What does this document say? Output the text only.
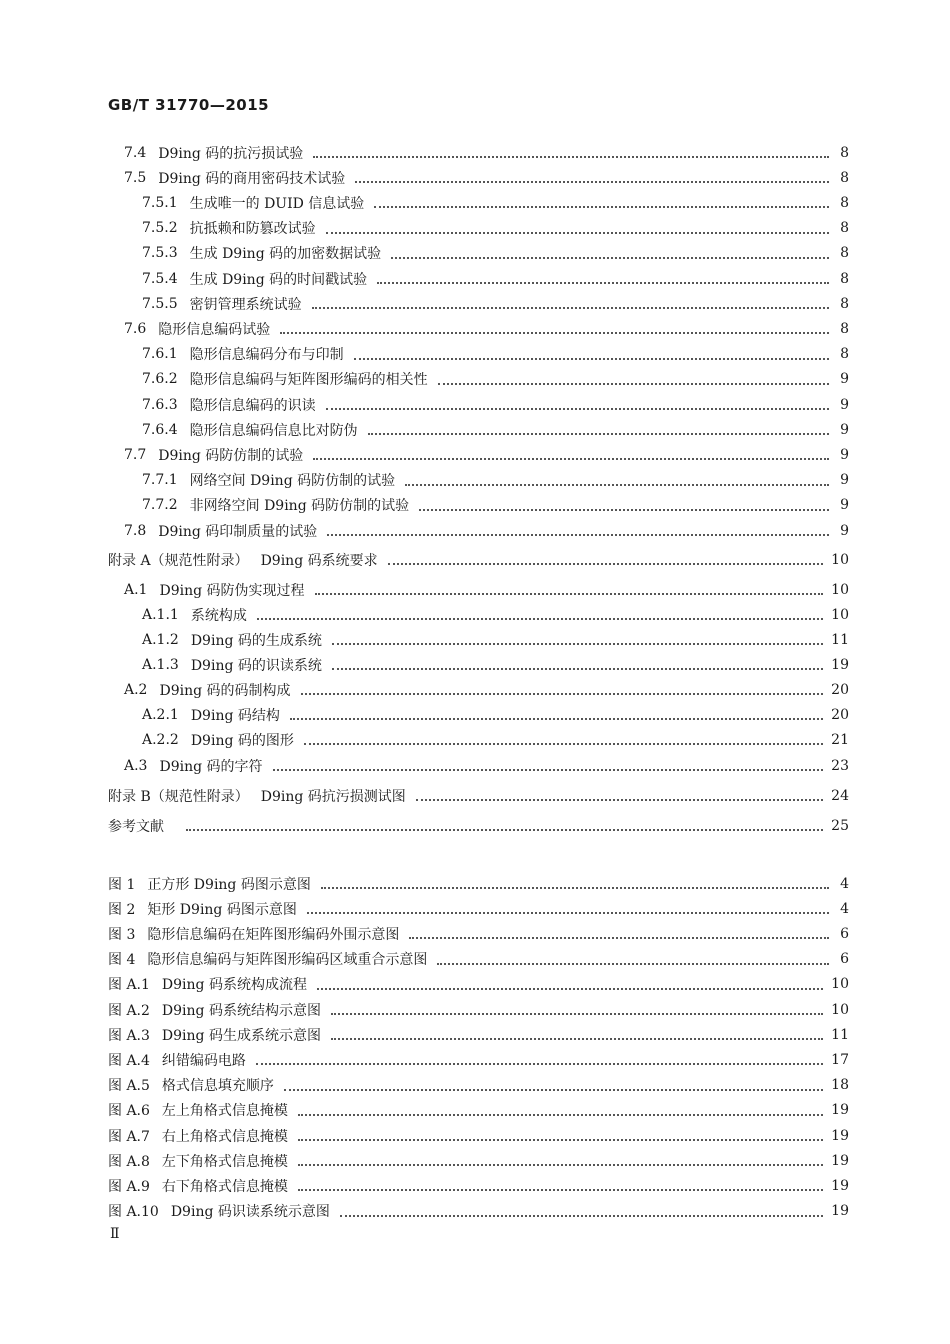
GB/T 31770—2015
7.4 D9ing 码的抗污损试验	8
7.5 D9ing 码的商用密码技术试验	8
7.5.1 生成唯一的 DUID 信息试验	8
7.5.2 抗抵赖和防篡改试验	8
7.5.3 生成 D9ing 码的加密数据试验	8
7.5.4 生成 D9ing 码的时间戳试验	8
7.5.5 密钥管理系统试验	8
7.6 隐形信息编码试验	8
7.6.1 隐形信息编码分布与印制	8
7.6.2 隐形信息编码与矩阵图形编码的相关性	9
7.6.3 隐形信息编码的识读	9
7.6.4 隐形信息编码信息比对防伪	9
7.7 D9ing 码防仿制的试验	9
7.7.1 网络空间 D9ing 码防仿制的试验	9
7.7.2 非网络空间 D9ing 码防仿制的试验	9
7.8 D9ing 码印制质量的试验	9
附录 A（规范性附录） D9ing 码系统要求	10
A.1 D9ing 码防伪实现过程	10
A.1.1 系统构成	10
A.1.2 D9ing 码的生成系统	11
A.1.3 D9ing 码的识读系统	19
A.2 D9ing 码的码制构成	20
A.2.1 D9ing 码结构	20
A.2.2 D9ing 码的图形	21
A.3 D9ing 码的字符	23
附录 B（规范性附录） D9ing 码抗污损测试图	24
参考文献	25
图 1 正方形 D9ing 码图示意图	4
图 2 矩形 D9ing 码图示意图	4
图 3 隐形信息编码在矩阵图形编码外围示意图	6
图 4 隐形信息编码与矩阵图形编码区域重合示意图	6
图 A.1 D9ing 码系统构成流程	10
图 A.2 D9ing 码系统结构示意图	10
图 A.3 D9ing 码生成系统示意图	11
图 A.4 纠错编码电路	17
图 A.5 格式信息填充顺序	18
图 A.6 左上角格式信息掩模	19
图 A.7 右上角格式信息掩模	19
图 A.8 左下角格式信息掩模	19
图 A.9 右下角格式信息掩模	19
图 A.10 D9ing 码识读系统示意图	19
Ⅱ
